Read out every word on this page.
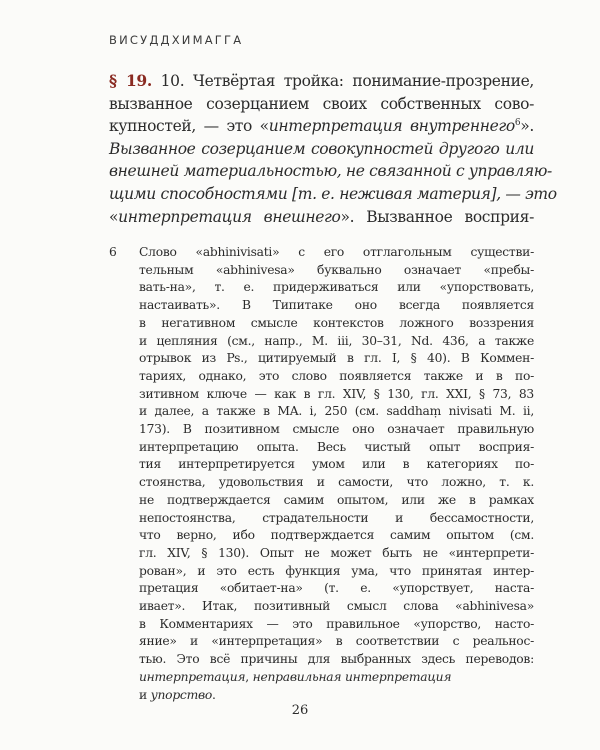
ВИСУДДХИМАГГА
§ 19. 10. Четвёртая тройка: понимание-прозрение,
вызванное созерцанием своих собственных сово-
купностей, — это «интерпретация внутреннего$^6$».
Вызванное созерцанием совокупностей другого или
внешней материальностью, не связанной с управляю-
щими способностями [т. е. неживая материя], — это
«интерпретация внешнего». Вызванное восприя-
6 Слово «abhinivisati» с его отглагольным существи-
тельным «abhinivesa» буквально означает «пребы-
вать-на», т. е. придерживаться или «упорствовать,
настаивать». В Типитаке оно всегда появляется
в негативном смысле контекстов ложного воззрения
и цепляния (см., напр., M. iii, 30–31, Nd. 436, а также
отрывок из Ps., цитируемый в гл. I, § 40). В Коммен-
тариях, однако, это слово появляется также и в по-
зитивном ключе — как в гл. XIV, § 130, гл. XXI, § 73, 83
и далее, а также в MA. i, 250 (см. saddhaṃ nivisati M. ii,
173). В позитивном смысле оно означает правильную
интерпретацию опыта. Весь чистый опыт восприя-
тия интерпретируется умом или в категориях по-
стоянства, удовольствия и самости, что ложно, т. к.
не подтверждается самим опытом, или же в рамках
непостоянства, страдательности и бессамостности,
что верно, ибо подтверждается самим опытом (см.
гл. XIV, § 130). Опыт не может быть не «интерпрети-
рован», и это есть функция ума, что принятая интер-
претация «обитает-на» (т. е. «упорствует, наста-
ивает». Итак, позитивный смысл слова «abhinivesa»
в Комментариях — это правильное «упорство, насто-
яние» и «интерпретация» в соответствии с реальнос-
тью. Это всё причины для выбранных здесь переводов:
интерпретация, неправильная интерпретация
и упорство.
26
